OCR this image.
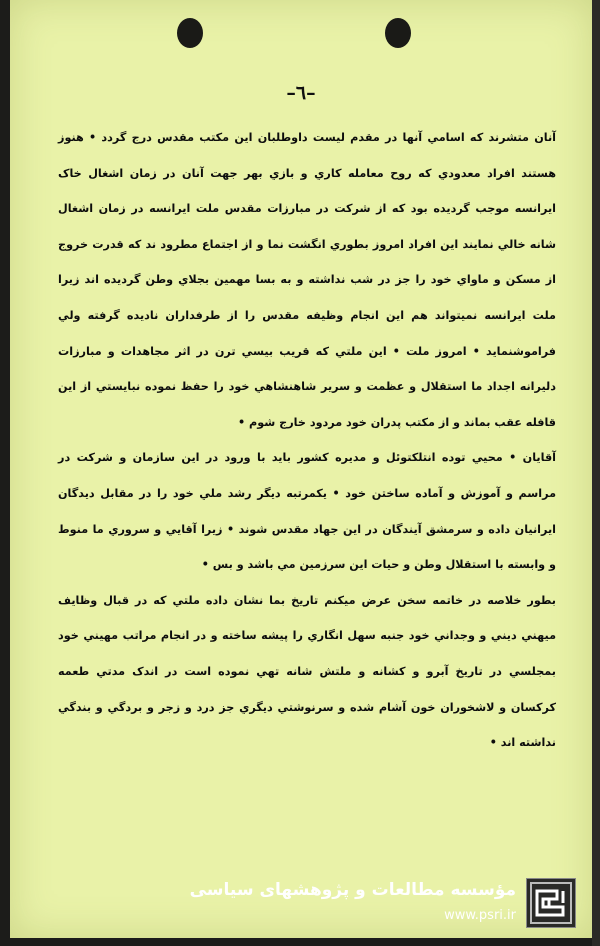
–٦–

آنان متشرند که اسامي آنها در مقدم ليست داوطلبان اين مکتب مقدس درج گردد • هنوز هستند افراد معدودي که روح معامله کاري و بازي بهر جهت آنان در زمان اشغال خاک ايرانسه موجب گرديده بود که از شرکت در مبارزات مقدس ملت ايرانسه در زمان اشغال شانه خالي نمايند اين افراد امروز بطوري انگشت نما و از اجتماع مطرود ند که قدرت خروج از مسکن و ماواي خود را جز در شب نداشته و به بسا مهمين بجلاي وطن گرديده اند زيرا ملت ايرانسه نميتواند هم اين انجام وظيفه مقدس را از طرفداران ناديده گرفته ولي فراموشنمايد • امروز ملت • اين ملتي که قريب بيسي ترن در اثر مجاهدات و مبارزات دليرانه اجداد ما استقلال و عظمت و سرير شاهنشاهي خود را حفظ نموده نبايستي از اين قافله عقب بماند و از مکتب پدران خود مردود خارج شوم •

آقايان • محيي توده انتلکتوئل و مديره کشور بايد با ورود در اين سازمان و شرکت در مراسم و آموزش و آماده ساختن خود • يکمرتبه ديگر رشد ملي خود را در مقابل ديدگان ايرانيان داده و سرمشق آيندگان در اين جهاد مقدس شوند • زيرا آقايي و سروري ما منوط و وابسته با استقلال وطن و حيات اين سرزمين مي باشد و بس •

بطور خلاصه در خاتمه سخن عرض ميکنم تاريخ بما نشان داده ملتي که در قبال وظايف ميهني ديني و وجداني خود جنبه سهل انگاري را پيشه ساخته و در انجام مراتب مهيني خود بمجلسي در تاريخ آبرو و کشانه و ملتش شانه تهي نموده است در اندک مدتي طعمه کرکسان و لاشخوران خون آشام شده و سرنوشتي ديگري جز درد و زجر و بردگي و بندگي نداشته اند •

مؤسسه مطالعات و پژوهشهای سیاسی
www.psri.ir
